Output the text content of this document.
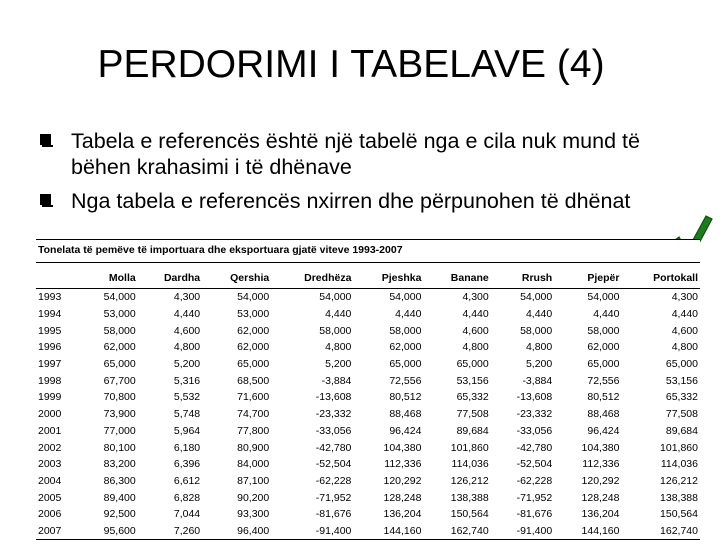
PERDORIMI I TABELAVE (4)
Tabela e referencës është një tabelë nga e cila nuk mund të bëhen krahasimi i të dhënave
Nga tabela e referencës nxirren dhe përpunohen të dhënat
Tonelata të pemëve të importuara dhe eksportuara gjatë viteve 1993-2007
	Molla	Dardha	Qershia	Dredhëza	Pjeshka	Banane	Rrush	Pjepër	Portokall
1993	54,000	4,300	54,000	54,000	54,000	4,300	54,000	54,000	4,300
1994	53,000	4,440	53,000	4,440	4,440	4,440	4,440	4,440	4,440
1995	58,000	4,600	62,000	58,000	58,000	4,600	58,000	58,000	4,600
1996	62,000	4,800	62,000	4,800	62,000	4,800	4,800	62,000	4,800
1997	65,000	5,200	65,000	5,200	65,000	65,000	5,200	65,000	65,000
1998	67,700	5,316	68,500	-3,884	72,556	53,156	-3,884	72,556	53,156
1999	70,800	5,532	71,600	-13,608	80,512	65,332	-13,608	80,512	65,332
2000	73,900	5,748	74,700	-23,332	88,468	77,508	-23,332	88,468	77,508
2001	77,000	5,964	77,800	-33,056	96,424	89,684	-33,056	96,424	89,684
2002	80,100	6,180	80,900	-42,780	104,380	101,860	-42,780	104,380	101,860
2003	83,200	6,396	84,000	-52,504	112,336	114,036	-52,504	112,336	114,036
2004	86,300	6,612	87,100	-62,228	120,292	126,212	-62,228	120,292	126,212
2005	89,400	6,828	90,200	-71,952	128,248	138,388	-71,952	128,248	138,388
2006	92,500	7,044	93,300	-81,676	136,204	150,564	-81,676	136,204	150,564
2007	95,600	7,260	96,400	-91,400	144,160	162,740	-91,400	144,160	162,740
